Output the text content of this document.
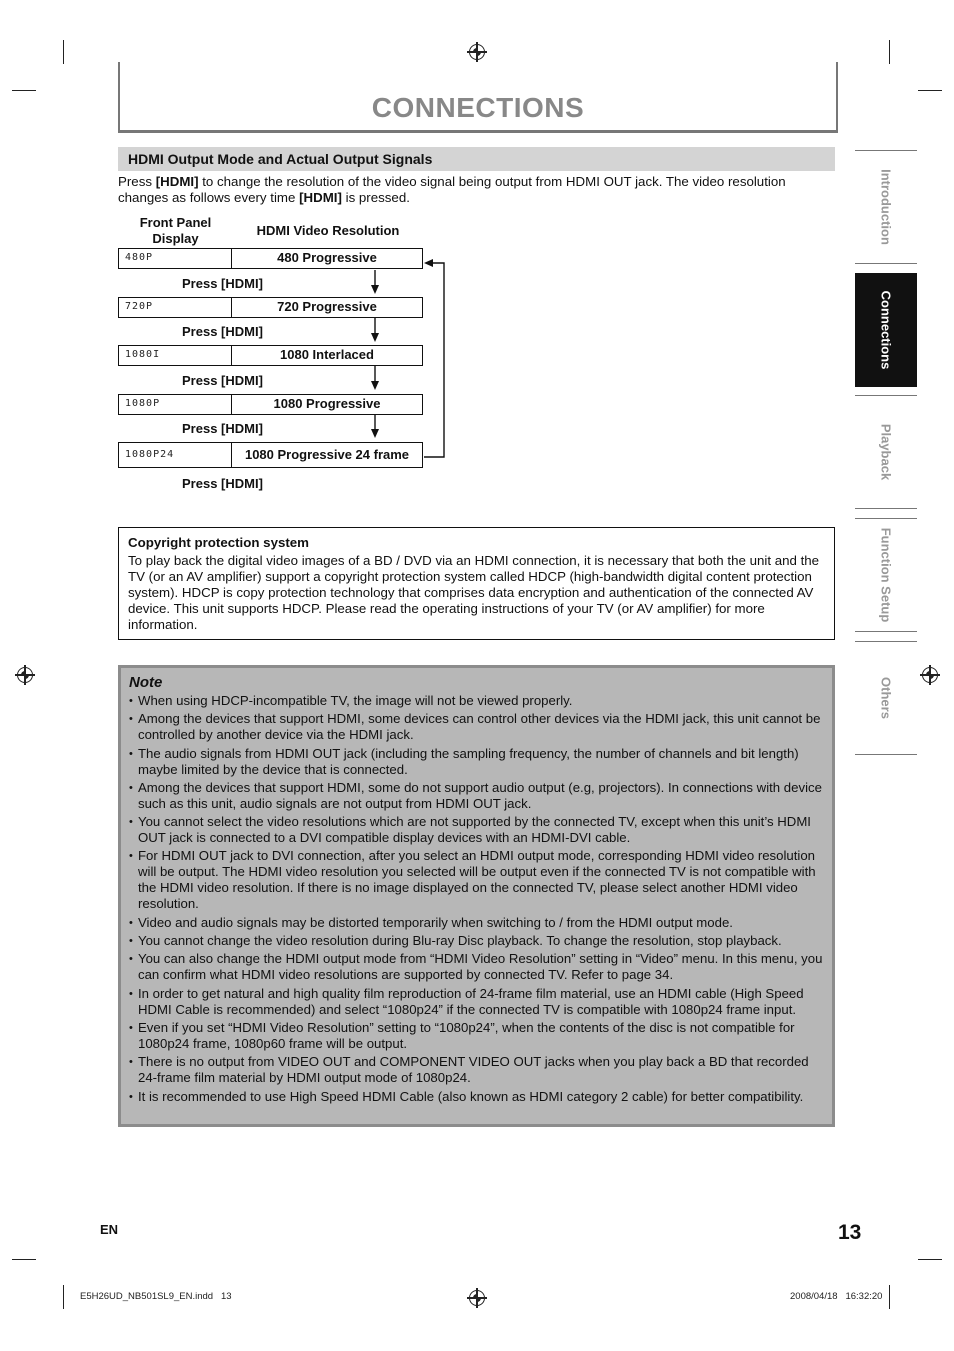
CONNECTIONS
HDMI Output Mode and Actual Output Signals
Press [HDMI] to change the resolution of the video signal being output from HDMI OUT jack. The video resolution changes as follows every time [HDMI] is pressed.
Front Panel Display
HDMI Video Resolution
480P	480 Progressive
Press [HDMI]
720P	720 Progressive
Press [HDMI]
1080I	1080 Interlaced
Press [HDMI]
1080P	1080 Progressive
Press [HDMI]
1080P24	1080 Progressive 24 frame
Press [HDMI]
Copyright protection system
To play back the digital video images of a BD / DVD via an HDMI connection, it is necessary that both the unit and the TV (or an AV amplifier) support a copyright protection system called HDCP (high-bandwidth digital content protection system). HDCP is copy protection technology that comprises data encryption and authentication of the connected AV device. This unit supports HDCP. Please read the operating instructions of your TV (or AV amplifier) for more information.
Note
• When using HDCP-incompatible TV, the image will not be viewed properly.
• Among the devices that support HDMI, some devices can control other devices via the HDMI jack, this unit cannot be controlled by another device via the HDMI jack.
• The audio signals from HDMI OUT jack (including the sampling frequency, the number of channels and bit length) maybe limited by the device that is connected.
• Among the devices that support HDMI, some do not support audio output (e.g, projectors). In connections with device such as this unit, audio signals are not output from HDMI OUT jack.
• You cannot select the video resolutions which are not supported by the connected TV, except when this unit’s HDMI OUT jack is connected to a DVI compatible display devices with an HDMI-DVI cable.
• For HDMI OUT jack to DVI connection, after you select an HDMI output mode, corresponding HDMI video resolution will be output. The HDMI video resolution you selected will be output even if the connected TV is not compatible with the HDMI video resolution. If there is no image displayed on the connected TV, please select another HDMI video resolution.
• Video and audio signals may be distorted temporarily when switching to / from the HDMI output mode.
• You cannot change the video resolution during Blu-ray Disc playback. To change the resolution, stop playback.
• You can also change the HDMI output mode from “HDMI Video Resolution” setting in “Video” menu. In this menu, you can confirm what HDMI video resolutions are supported by connected TV. Refer to page 34.
• In order to get natural and high quality film reproduction of 24-frame film material, use an HDMI cable (High Speed HDMI Cable is recommended) and select “1080p24” if the connected TV is compatible with 1080p24 frame input.
• Even if you set “HDMI Video Resolution” setting to “1080p24”, when the contents of the disc is not compatible for 1080p24 frame, 1080p60 frame will be output.
• There is no output from VIDEO OUT and COMPONENT VIDEO OUT jacks when you play back a BD that recorded 24-frame film material by HDMI output mode of 1080p24.
• It is recommended to use High Speed HDMI Cable (also known as HDMI category 2 cable) for better compatibility.
Introduction
Connections
Playback
Function Setup
Others
EN	13
E5H26UD_NB501SL9_EN.indd   13	2008/04/18   16:32:20
